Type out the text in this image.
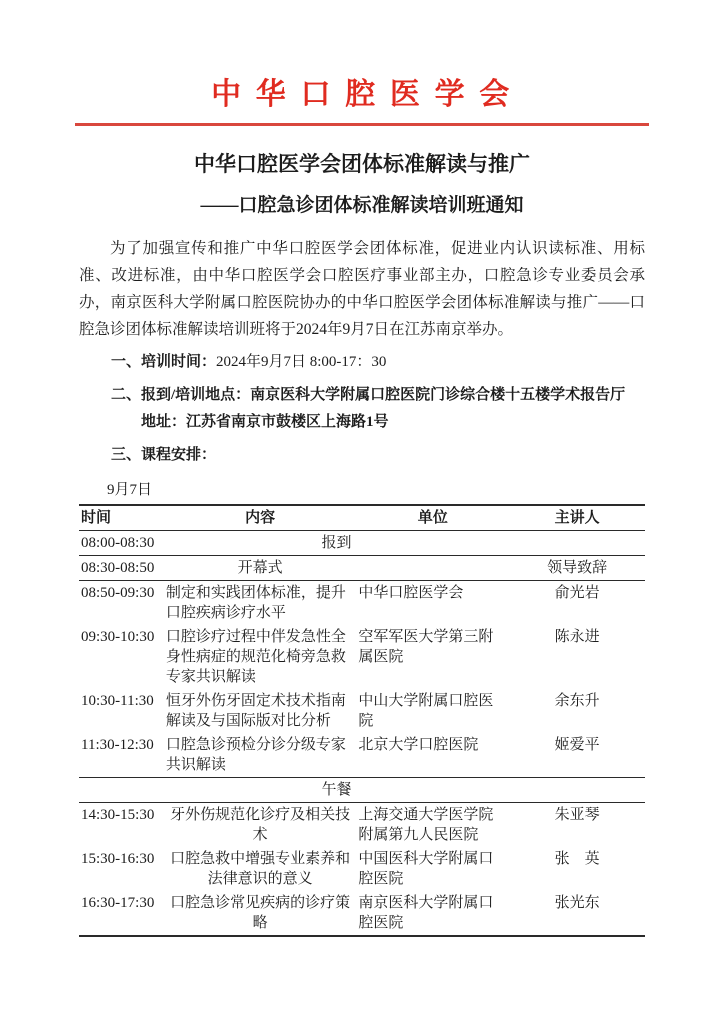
中 华 口 腔 医 学 会
中华口腔医学会团体标准解读与推广
——口腔急诊团体标准解读培训班通知

为了加强宣传和推广中华口腔医学会团体标准，促进业内认识读标准、用标准、改进标准，由中华口腔医学会口腔医疗事业部主办，口腔急诊专业委员会承办，南京医科大学附属口腔医院协办的中华口腔医学会团体标准解读与推广——口腔急诊团体标准解读培训班将于2024年9月7日在江苏南京举办。

一、培训时间：2024年9月7日 8:00-17：30
二、报到/培训地点：南京医科大学附属口腔医院门诊综合楼十五楼学术报告厅
地址：江苏省南京市鼓楼区上海路1号
三、课程安排：
9月7日
时间	内容	单位	主讲人
08:00-08:30	报到		
08:30-08:50	开幕式		领导致辞
08:50-09:30	制定和实践团体标准，提升口腔疾病诊疗水平	中华口腔医学会	俞光岩
09:30-10:30	口腔诊疗过程中伴发急性全身性病症的规范化椅旁急救专家共识解读	空军军医大学第三附属医院	陈永进
10:30-11:30	恒牙外伤牙固定术技术指南解读及与国际版对比分析	中山大学附属口腔医院	余东升
11:30-12:30	口腔急诊预检分诊分级专家共识解读	北京大学口腔医院	姬爱平
	午餐		
14:30-15:30	牙外伤规范化诊疗及相关技术	上海交通大学医学院附属第九人民医院	朱亚琴
15:30-16:30	口腔急救中增强专业素养和法律意识的意义	中国医科大学附属口腔医院	张　英
16:30-17:30	口腔急诊常见疾病的诊疗策略	南京医科大学附属口腔医院	张光东
